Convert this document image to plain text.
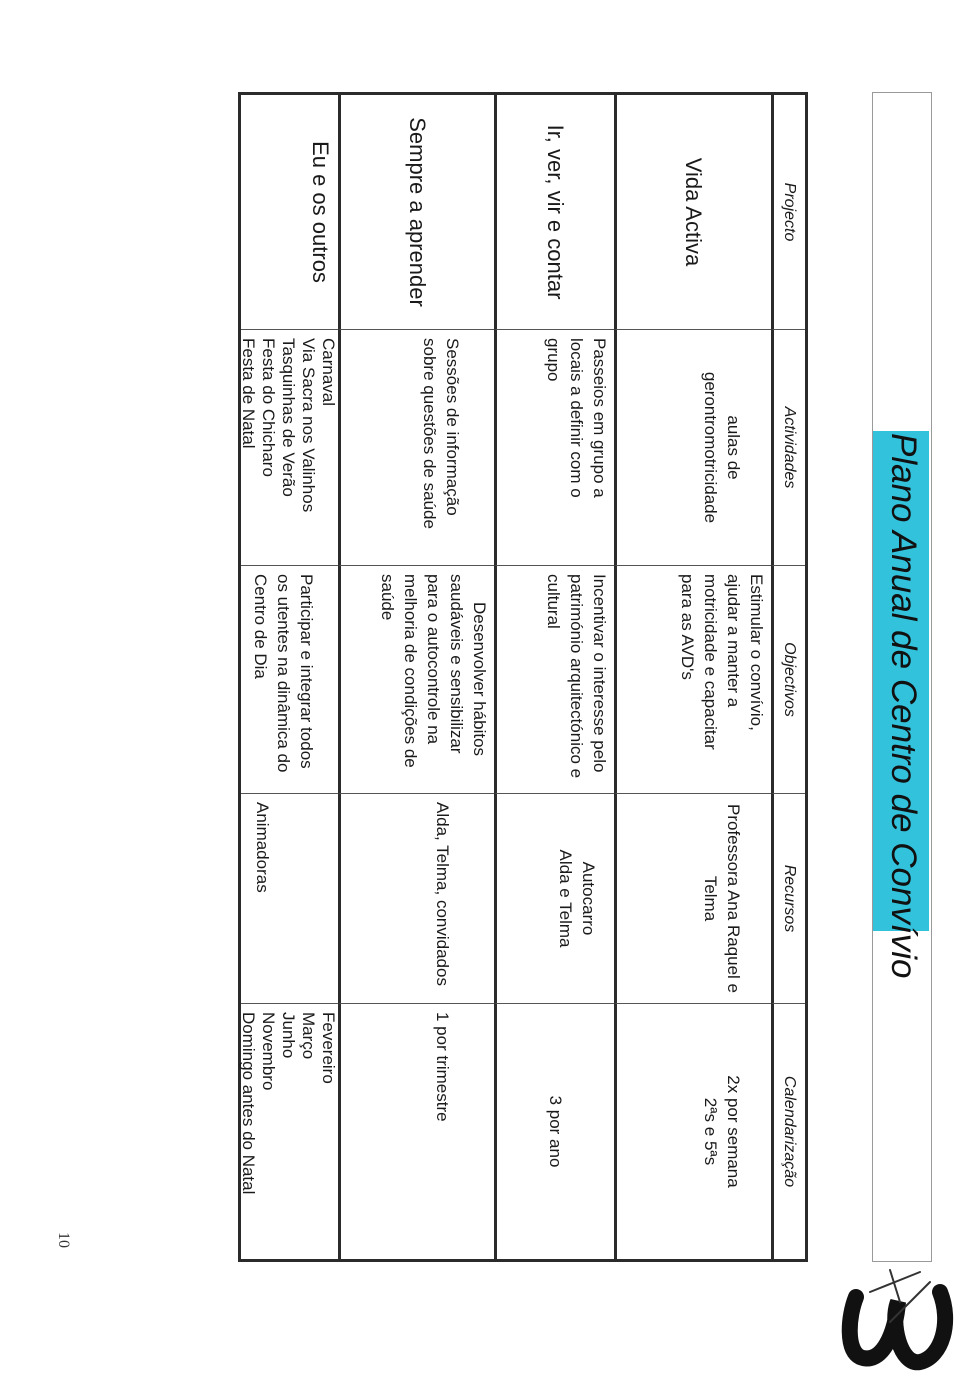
Plano Anual de Centro de Convívio
Projecto
Actividades
Objectivos
Recursos
Calendarização
Vida Activa
aulas de
gerontromotricidade
Estimular o convívio,
ajudar a manter a
motricidade e capacitar
para as AVD's
Professora Ana Raquel e
Telma
2x por semana
2ªs e 5ªs
Ir, ver, vir e contar
Passeios em grupo a
locais a definir com o
grupo
Incentivar o interesse pelo
património arquitectónico e
cultural
Autocarro
Alda e Telma
3 por ano
Sempre a aprender
Sessões de informação
sobre questões de saúde
Desenvolver hábitos
saudáveis e sensibilizar
para o autocontrole na
melhoria de condições de
saúde
Alda, Telma, convidados
1 por trimestre
Eu e os outros
Carnaval
Via Sacra nos Valinhos
Tasquinhas de Verão
Festa do Chicharo
Festa de Natal
Participar e integrar todos
os utentes na dinâmica do
Centro de Dia
Animadoras
Fevereiro
Março
Junho
Novembro
Domingo antes do Natal
10
